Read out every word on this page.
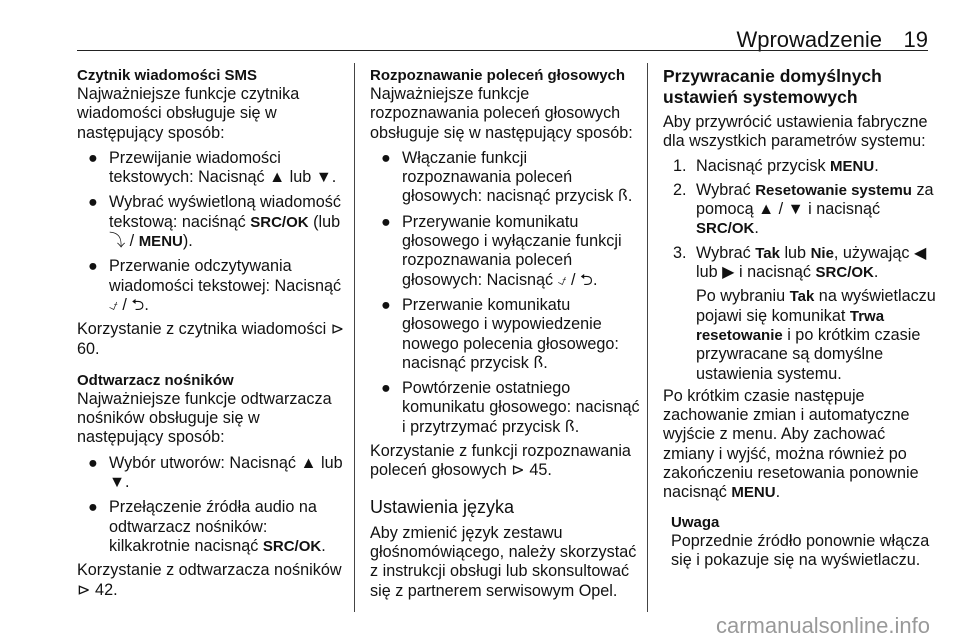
Wprowadzenie 19
Czytnik wiadomości SMS

Najważniejsze funkcje czytnika wiadomości obsługuje się w następujący sposób:

● Przewijanie wiadomości tekstowych: Nacisnąć ▲ lub ▼.
● Wybrać wyświetloną wiadomość tekstową: naciśnąć SRC/OK (lub ⤵ / MENU).
● Przerwanie odczytywania wiadomości tekstowej: Nacisnąć ⍻ / ⮌.

Korzystanie z czytnika wiadomości ⊳ 60.

Odtwarzacz nośników

Najważniejsze funkcje odtwarzacza nośników obsługuje się w następujący sposób:

● Wybór utworów: Nacisnąć ▲ lub ▼.
● Przełączenie źródła audio na odtwarzacz nośników: kilkakrotnie nacisnąć SRC/OK.

Korzystanie z odtwarzacza nośników ⊳ 42.

Rozpoznawanie poleceń głosowych

Najważniejsze funkcje rozpoznawania poleceń głosowych obsługuje się w następujący sposób:

● Włączanie funkcji rozpoznawania poleceń głosowych: nacisnąć przycisk ꟗ.
● Przerywanie komunikatu głosowego i wyłączanie funkcji rozpoznawania poleceń głosowych: Nacisnąć ⍻ / ⮌.
● Przerwanie komunikatu głosowego i wypowiedzenie nowego polecenia głosowego: nacisnąć przycisk ꟗ.
● Powtórzenie ostatniego komunikatu głosowego: nacisnąć i przytrzymać przycisk ꟗ.

Korzystanie z funkcji rozpoznawania poleceń głosowych ⊳ 45.

Ustawienia języka

Aby zmienić język zestawu głośnomówiącego, należy skorzystać z instrukcji obsługi lub skonsultować się z partnerem serwisowym Opel.

Przywracanie domyślnych ustawień systemowych

Aby przywrócić ustawienia fabryczne dla wszystkich parametrów systemu:

1. Nacisnąć przycisk MENU.
2. Wybrać Resetowanie systemu za pomocą ▲ / ▼ i nacisnąć SRC/OK.
3. Wybrać Tak lub Nie, używając ◀ lub ▶ i nacisnąć SRC/OK.

Po wybraniu Tak na wyświetlaczu pojawi się komunikat Trwa resetowanie i po krótkim czasie przywracane są domyślne ustawienia systemu.

Po krótkim czasie następuje zachowanie zmian i automatyczne wyjście z menu. Aby zachować zmiany i wyjść, można również po zakończeniu resetowania ponownie nacisnąć MENU.

Uwaga

Poprzednie źródło ponownie włącza się i pokazuje się na wyświetlaczu.

carmanualsonline.info
